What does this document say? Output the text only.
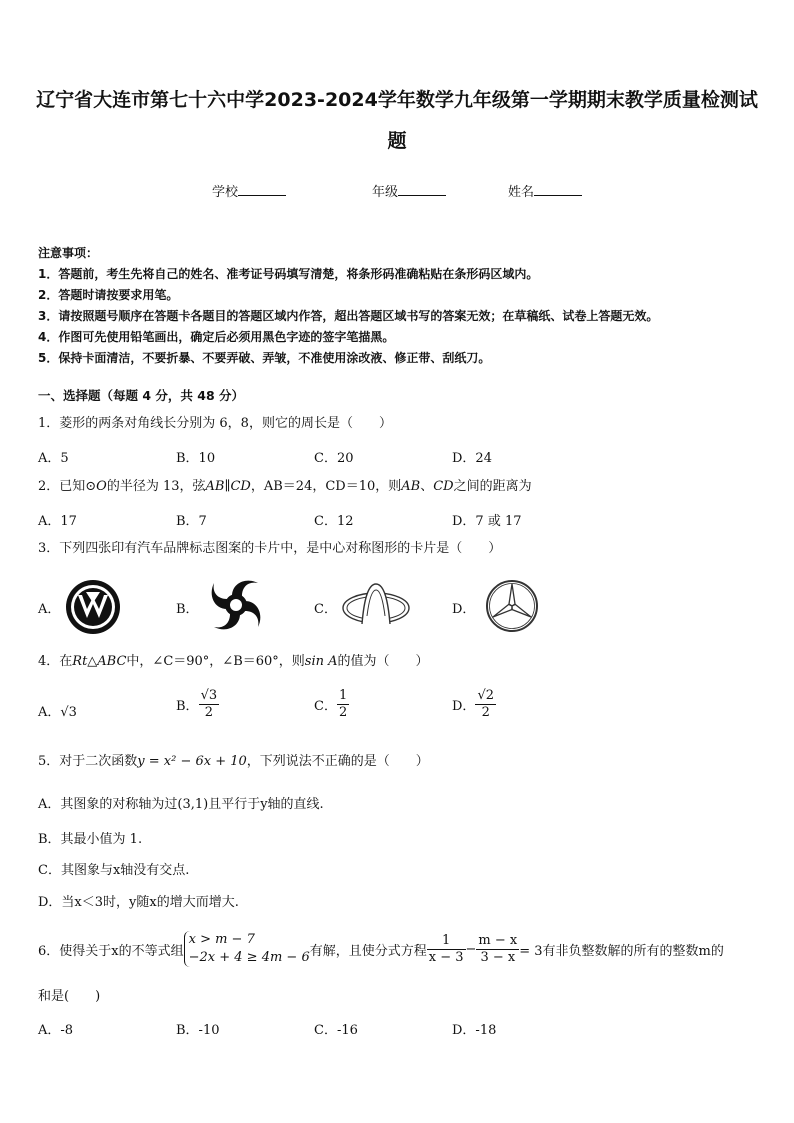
辽宁省大连市第七十六中学2023-2024学年数学九年级第一学期期末教学质量检测试
题
学校	年级	姓名
注意事项：
1．答题前，考生先将自己的姓名、准考证号码填写清楚，将条形码准确粘贴在条形码区域内。
2．答题时请按要求用笔。
3．请按照题号顺序在答题卡各题目的答题区域内作答，超出答题区域书写的答案无效；在草稿纸、试卷上答题无效。
4．作图可先使用铅笔画出，确定后必须用黑色字迹的签字笔描黑。
5．保持卡面清洁，不要折暴、不要弄破、弄皱，不准使用涂改液、修正带、刮纸刀。
一、选择题（每题 4 分，共 48 分）
1．菱形的两条对角线长分别为 6，8，则它的周长是（　　）
A．5	B．10	C．20	D．24
2．已知⊙O的半径为 13，弦AB∥CD，AB＝24，CD＝10，则AB、CD之间的距离为
A．17	B．7	C．12	D．7 或 17
3．下列四张印有汽车品牌标志图案的卡片中，是中心对称图形的卡片是（　　）
A．	B．	C．	D．
4．在Rt△ABC中，∠C＝90°，∠B＝60°，则sin A的值为（　　）
A．√3	B． $\frac{√3}{2}$	C． $\frac{1}{2}$	D． $\frac{√2}{2}$
5．对于二次函数y = x² − 6x + 10，下列说法不正确的是（　　）
A．其图象的对称轴为过(3,1)且平行于y轴的直线.
B．其最小值为 1.
C．其图象与x轴没有交点.
D．当x＜3时，y随x的增大而增大.
6．使得关于x的不等式组
x > m − 7
−2x + 4 ≥ 4m − 6 有解，且使分式方程 $\frac{1}{x - 3} - \frac{m - x}{3 - x} = 3$有非负整数解的所有的整数m的
和是(　　)
A．-8	B．-10	C．-16	D．-18
